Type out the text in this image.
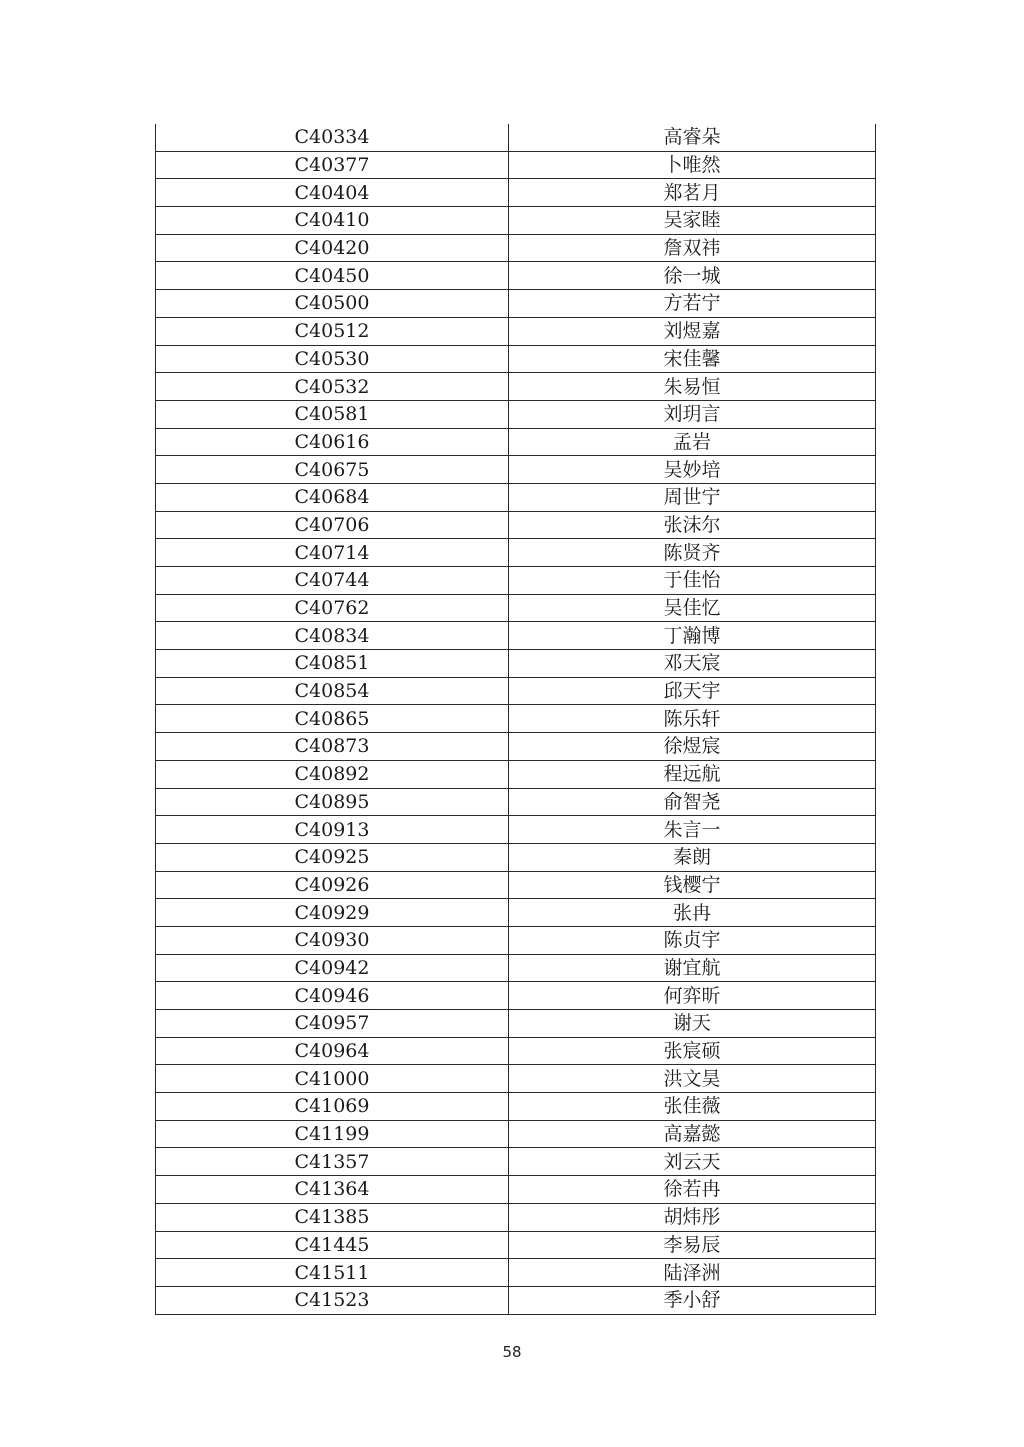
C40334	高睿朵
C40377	卜唯然
C40404	郑茗月
C40410	吴家睦
C40420	詹双祎
C40450	徐一城
C40500	方若宁
C40512	刘煜嘉
C40530	宋佳馨
C40532	朱易恒
C40581	刘玥言
C40616	孟岩
C40675	吴妙培
C40684	周世宁
C40706	张沫尔
C40714	陈贤齐
C40744	于佳怡
C40762	吴佳忆
C40834	丁瀚博
C40851	邓天宸
C40854	邱天宇
C40865	陈乐轩
C40873	徐煜宸
C40892	程远航
C40895	俞智尧
C40913	朱言一
C40925	秦朗
C40926	钱樱宁
C40929	张冉
C40930	陈贞宇
C40942	谢宜航
C40946	何弈昕
C40957	谢天
C40964	张宸硕
C41000	洪文昊
C41069	张佳薇
C41199	高嘉懿
C41357	刘云天
C41364	徐若冉
C41385	胡炜彤
C41445	李易辰
C41511	陆泽洲
C41523	季小舒
58
